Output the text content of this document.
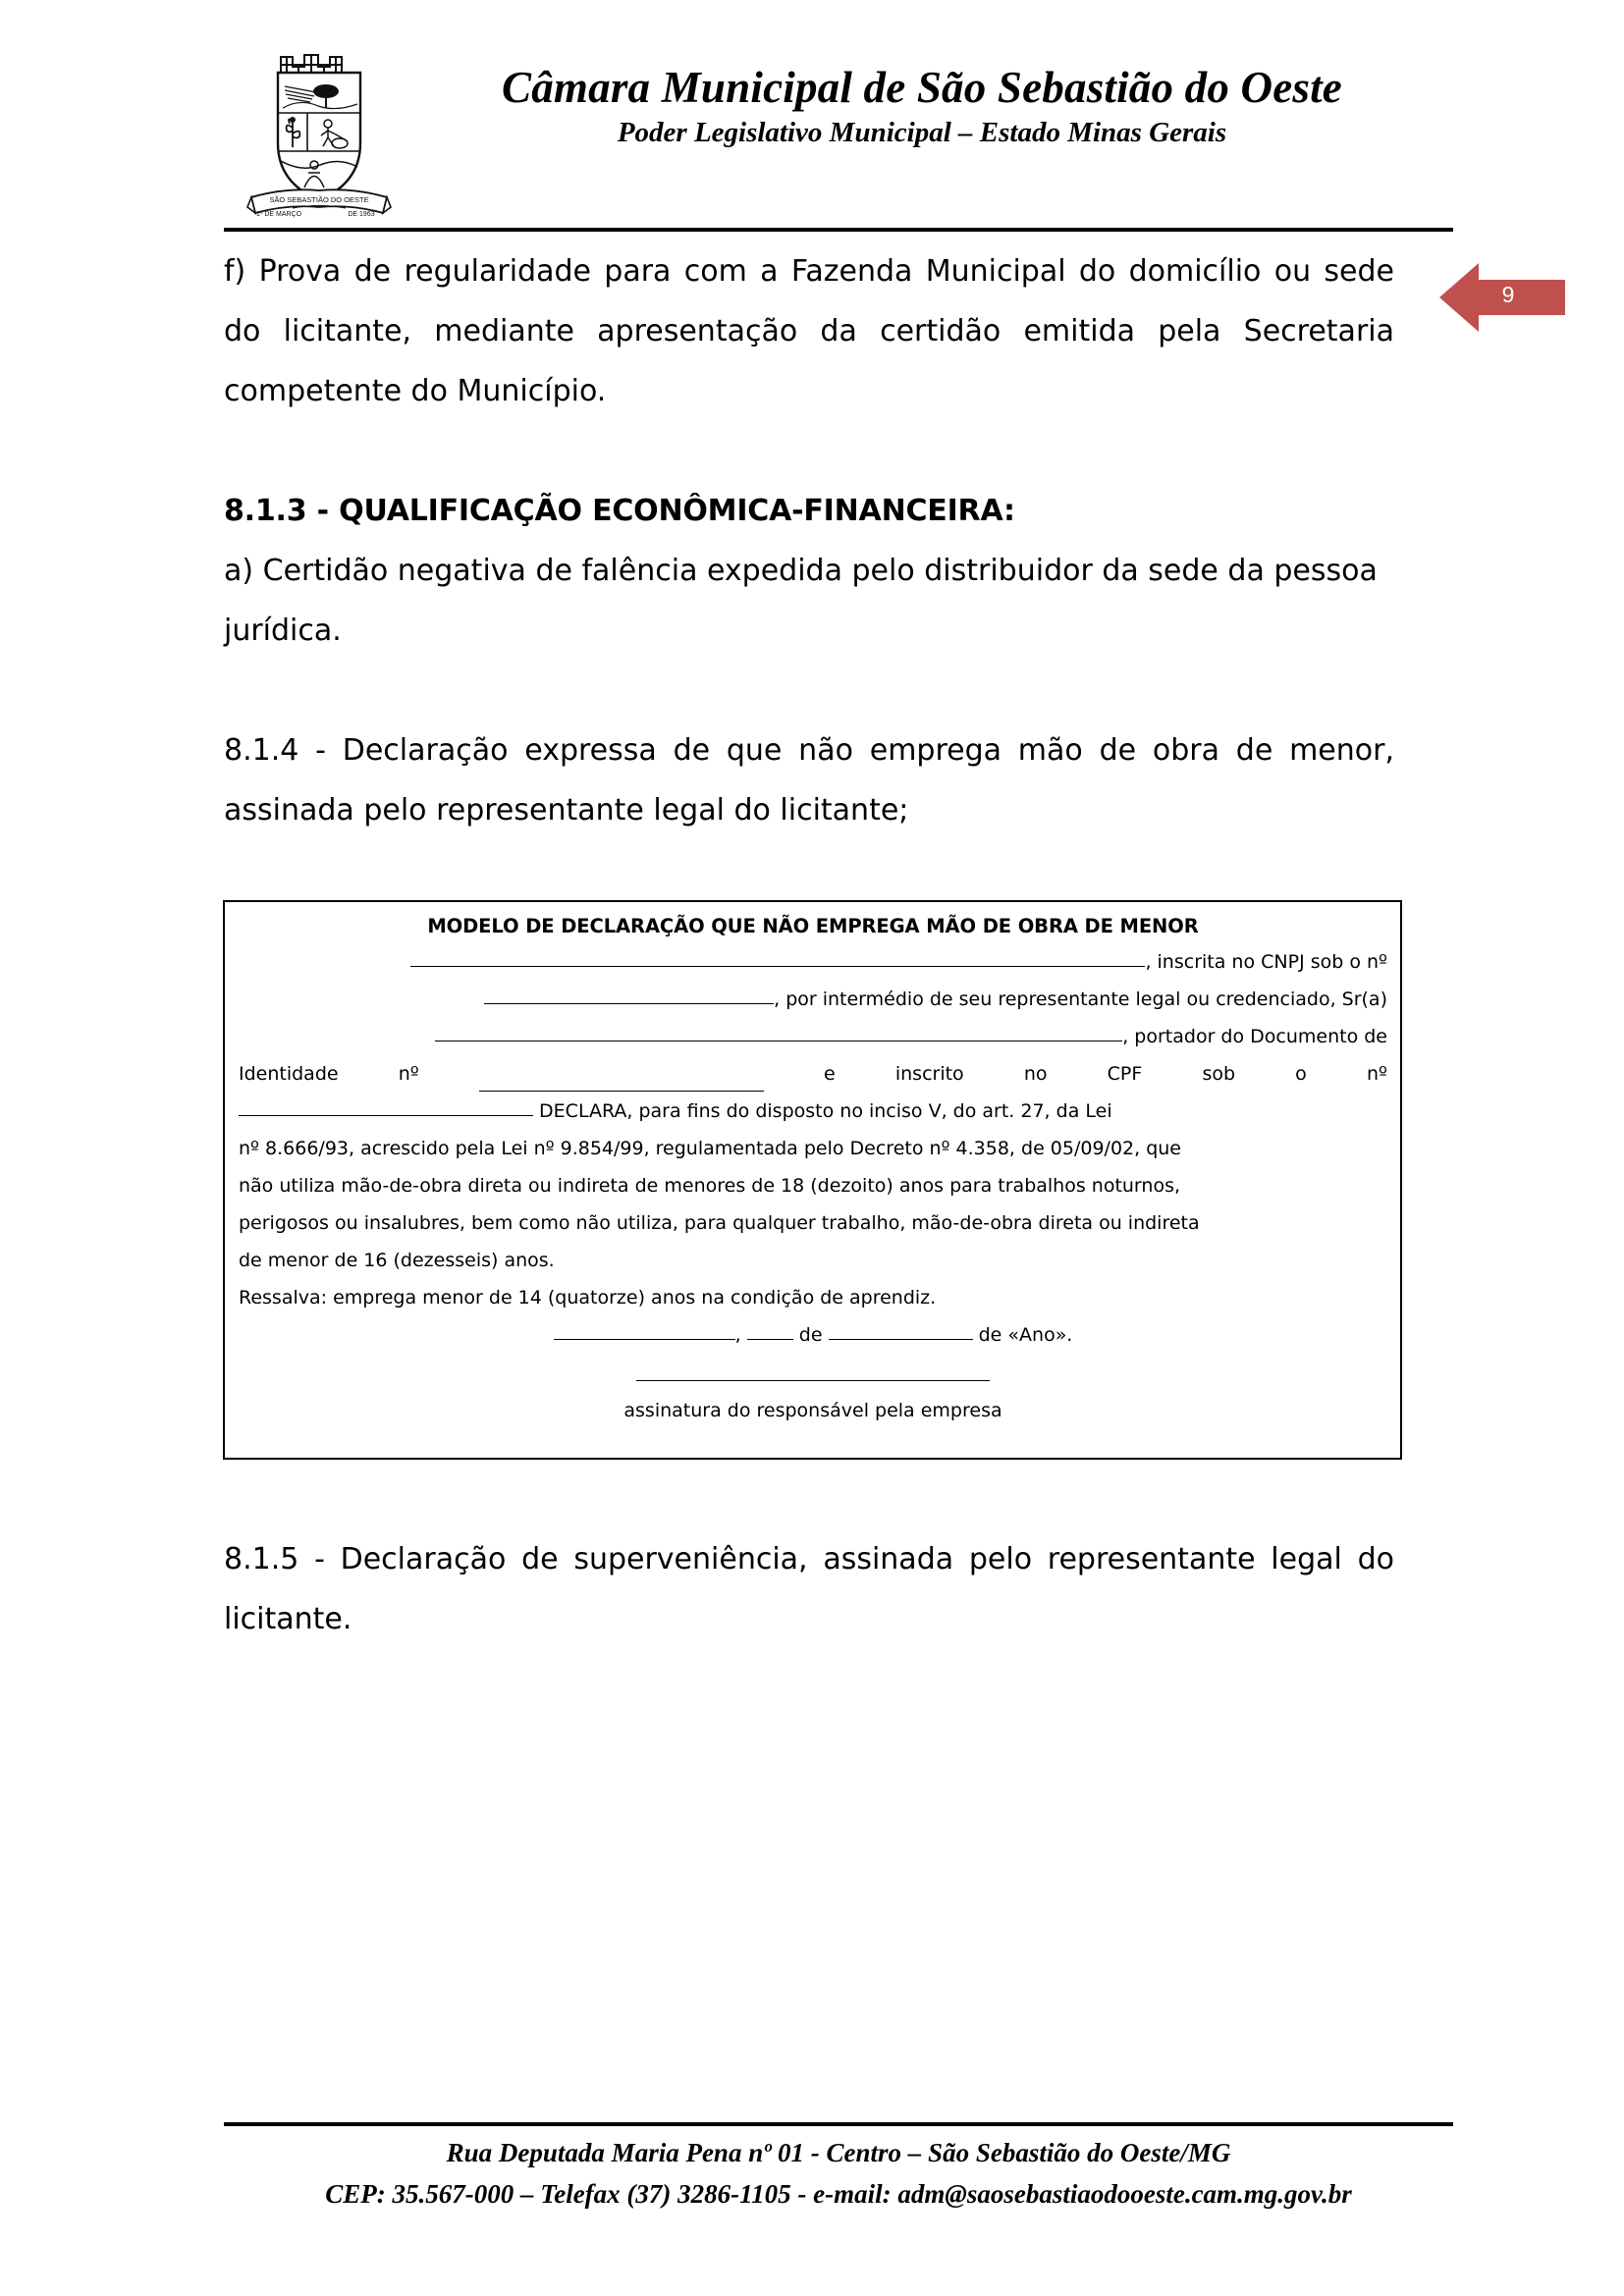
SÃO SEBASTIÃO DO OESTE
1º DE MARÇO	DE 1963
Câmara Municipal de São Sebastião do Oeste
Poder Legislativo Municipal – Estado Minas Gerais
9

f) Prova de regularidade para com a Fazenda Municipal do domicílio ou sede do licitante, mediante apresentação da certidão emitida pela Secretaria competente do Município.

8.1.3 - QUALIFICAÇÃO ECONÔMICA-FINANCEIRA:

a) Certidão negativa de falência expedida pelo distribuidor da sede da pessoa jurídica.

8.1.4 - Declaração expressa de que não emprega mão de obra de menor, assinada pelo representante legal do licitante;

MODELO DE DECLARAÇÃO QUE NÃO EMPREGA MÃO DE OBRA DE MENOR

, inscrita no CNPJ sob o nº

, por intermédio de seu representante legal ou credenciado, Sr(a)

, portador do Documento de

Identidade	nº	e	inscrito	no	CPF	sob	o	nº

DECLARA, para fins do disposto no inciso V, do art. 27, da Lei

nº 8.666/93, acrescido pela Lei nº 9.854/99, regulamentada pelo Decreto nº 4.358, de 05/09/02, que

não utiliza mão-de-obra direta ou indireta de menores de 18 (dezoito) anos para trabalhos noturnos,

perigosos ou insalubres, bem como não utiliza, para qualquer trabalho, mão-de-obra direta ou indireta

de menor de 16 (dezesseis) anos.

Ressalva: emprega menor de 14 (quatorze) anos na condição de aprendiz.

,	de	de «Ano».

assinatura do responsável pela empresa

8.1.5 - Declaração de superveniência, assinada pelo representante legal do licitante.

Rua Deputada Maria Pena nº 01 - Centro – São Sebastião do Oeste/MG
CEP: 35.567-000 – Telefax (37) 3286-1105 - e-mail: adm@saosebastiaodooeste.cam.mg.gov.br
